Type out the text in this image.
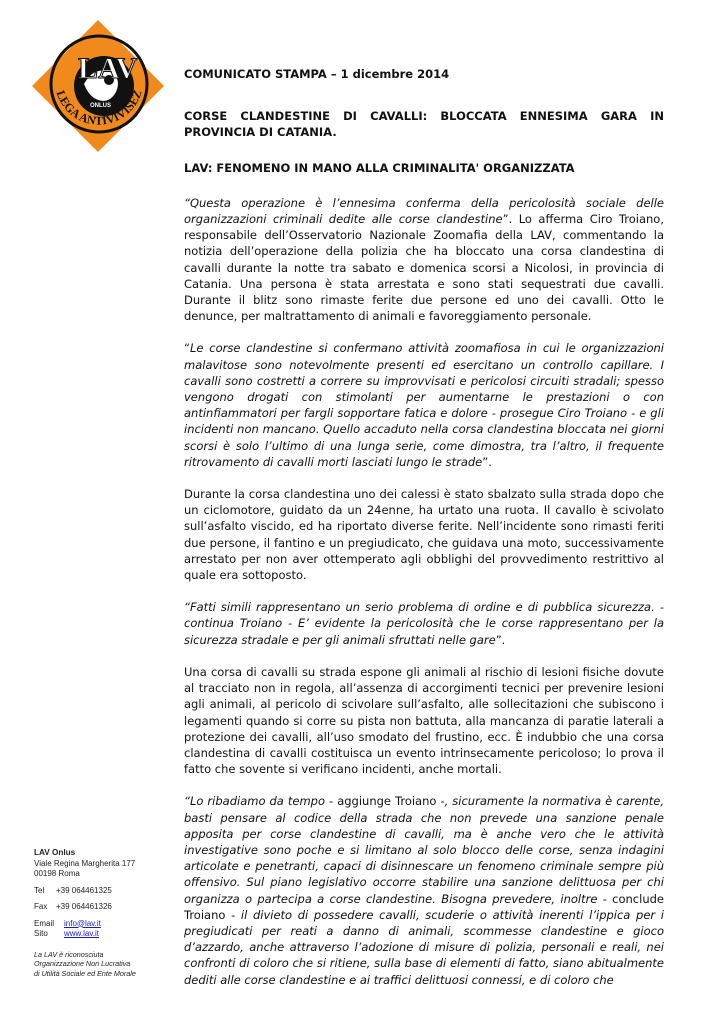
LAV
ONLUS
LEGA ANTIVIVISEZ

COMUNICATO STAMPA – 1 dicembre 2014

CORSE CLANDESTINE DI CAVALLI: BLOCCATA ENNESIMA GARA IN PROVINCIA DI CATANIA.

LAV: FENOMENO IN MANO ALLA CRIMINALITA' ORGANIZZATA

“Questa operazione è l’ennesima conferma della pericolosità sociale delle organizzazioni criminali dedite alle corse clandestine”. Lo afferma Ciro Troiano, responsabile dell’Osservatorio Nazionale Zoomafia della LAV, commentando la notizia dell’operazione della polizia che ha bloccato una corsa clandestina di cavalli durante la notte tra sabato e domenica scorsi a Nicolosi, in provincia di Catania. Una persona è stata arrestata e sono stati sequestrati due cavalli. Durante il blitz sono rimaste ferite due persone ed uno dei cavalli. Otto le denunce, per maltrattamento di animali e favoreggiamento personale.

“Le corse clandestine si confermano attività zoomafiosa in cui le organizzazioni malavitose sono notevolmente presenti ed esercitano un controllo capillare. I cavalli sono costretti a correre su improvvisati e pericolosi circuiti stradali; spesso vengono drogati con stimolanti per aumentarne le prestazioni o con antinfiammatori per fargli sopportare fatica e dolore - prosegue Ciro Troiano - e gli incidenti non mancano. Quello accaduto nella corsa clandestina bloccata nei giorni scorsi è solo l’ultimo di una lunga serie, come dimostra, tra l’altro, il frequente ritrovamento di cavalli morti lasciati lungo le strade”.

Durante la corsa clandestina uno dei calessi è stato sbalzato sulla strada dopo che un ciclomotore, guidato da un 24enne, ha urtato una ruota. Il cavallo è scivolato sull’asfalto viscido, ed ha riportato diverse ferite. Nell’incidente sono rimasti feriti due persone, il fantino e un pregiudicato, che guidava una moto, successivamente arrestato per non aver ottemperato agli obblighi del provvedimento restrittivo al quale era sottoposto.

“Fatti simili rappresentano un serio problema di ordine e di pubblica sicurezza. - continua Troiano - E’ evidente la pericolosità che le corse rappresentano per la sicurezza stradale e per gli animali sfruttati nelle gare”.

Una corsa di cavalli su strada espone gli animali al rischio di lesioni fisiche dovute al tracciato non in regola, all’assenza di accorgimenti tecnici per prevenire lesioni agli animali, al pericolo di scivolare sull’asfalto, alle sollecitazioni che subiscono i legamenti quando si corre su pista non battuta, alla mancanza di paratie laterali a protezione dei cavalli, all’uso smodato del frustino, ecc. È indubbio che una corsa clandestina di cavalli costituisca un evento intrinsecamente pericoloso; lo prova il fatto che sovente si verificano incidenti, anche mortali.

“Lo ribadiamo da tempo - aggiunge Troiano -, sicuramente la normativa è carente, basti pensare al codice della strada che non prevede una sanzione penale apposita per corse clandestine di cavalli, ma è anche vero che le attività investigative sono poche e si limitano al solo blocco delle corse, senza indagini articolate e penetranti, capaci di disinnescare un fenomeno criminale sempre più offensivo. Sul piano legislativo occorre stabilire una sanzione delittuosa per chi organizza o partecipa a corse clandestine. Bisogna prevedere, inoltre - conclude Troiano - il divieto di possedere cavalli, scuderie o attività inerenti l’ippica per i pregiudicati per reati a danno di animali, scommesse clandestine e gioco d’azzardo, anche attraverso l’adozione di misure di polizia, personali e reali, nei confronti di coloro che si ritiene, sulla base di elementi di fatto, siano abitualmente dediti alle corse clandestine e ai traffici delittuosi connessi, e di coloro che

LAV Onlus
Viale Regina Margherita 177
00198 Roma
Tel	+39 064461325
Fax	+39 064461326
Email	info@lav.it
Sito	www.lav.it
La LAV è riconosciuta
Organizzazione Non Lucrativa
di Utilità Sociale ed Ente Morale
